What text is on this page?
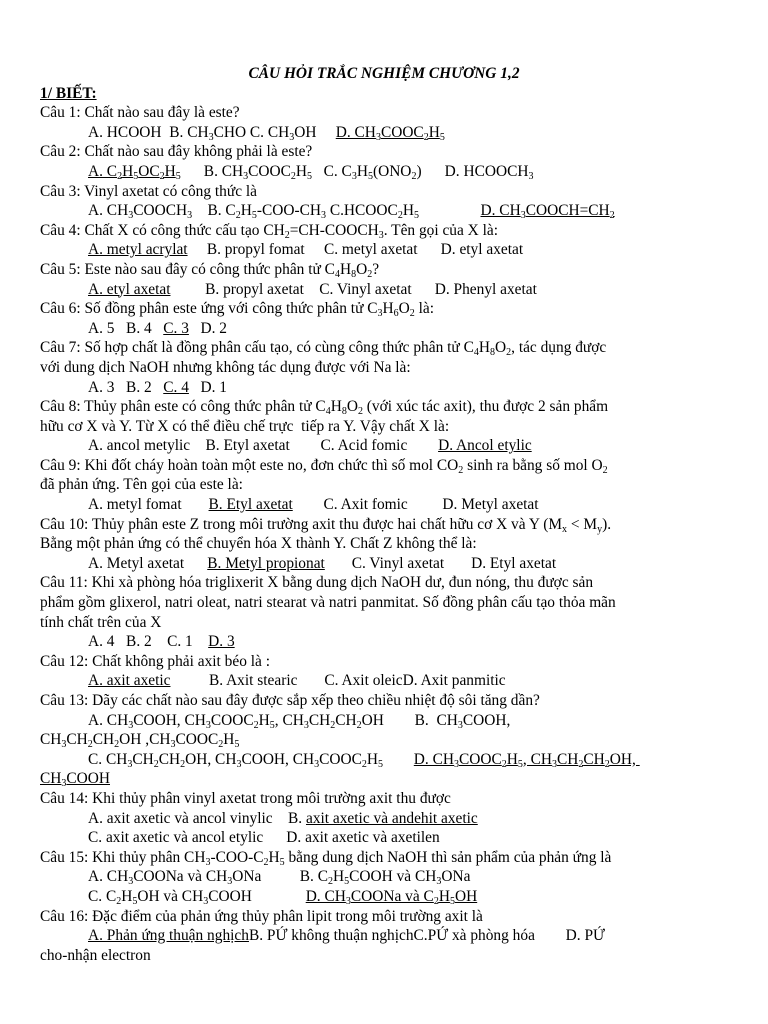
CÂU HỎI TRẮC NGHIỆM CHƯƠNG 1,2
1/ BIẾT:
Câu 1: Chất nào sau đây là este?
A. HCOOH  B. $CH_3CHO$ C. $CH_3OH$     D. $CH_3COOC_2H_5$
Câu 2: Chất nào sau đây không phải là este?
A. $C_2H_5OC_2H_5$      B. $CH_3COOC_2H_5$   C. $C_3H_5(ONO_2)$      D. $HCOOCH_3$
Câu 3: Vinyl axetat có công thức là
A. $CH_3COOCH_3$    B. $C_2H_5-COO-CH_3$ $C.HCOOC_2H_5$	D. $CH_3COOCH=CH_2$
Câu 4: Chất X có công thức cấu tạo $CH_2=CH-COOCH_3$. Tên gọi của X là:
A. metyl acrylat     B. propyl fomat     C. metyl axetat      D. etyl axetat
Câu 5: Este nào sau đây có công thức phân tử $C_4H_8O_2$?
A. etyl axetat         B. propyl axetat    C. Vinyl axetat      D. Phenyl axetat
Câu 6: Số đồng phân este ứng với công thức phân tử $C_3H_6O_2$ là:
A. 5   B. 4   C. 3   D. 2
Câu 7: Số hợp chất là đồng phân cấu tạo, có cùng công thức phân tử $C_4H_8O_2$, tác dụng được
với dung dịch NaOH nhưng không tác dụng được với Na là:
A. 3   B. 2   C. 4   D. 1
Câu 8: Thủy phân este có công thức phân tử $C_4H_8O_2$ (với xúc tác axit), thu được 2 sản phẩm
hữu cơ X và Y. Từ X có thể điều chế trực  tiếp ra Y. Vậy chất X là:
A. ancol metylic    B. Etyl axetat        C. Acid fomic        D. Ancol etylic
Câu 9: Khi đốt cháy hoàn toàn một este no, đơn chức thì số mol $CO_2$ sinh ra bằng số mol $O_2$
đã phản ứng. Tên gọi của este là:
A. metyl fomat       B. Etyl axetat        C. Axit fomic         D. Metyl axetat
Câu 10: Thủy phân este Z trong môi trường axit thu được hai chất hữu cơ X và Y $(M_x < M_y)$.
Bằng một phản ứng có thể chuyển hóa X thành Y. Chất Z không thể là:
A. Metyl axetat      B. Metyl propionat       C. Vinyl axetat       D. Etyl axetat
Câu 11: Khi xà phòng hóa triglixerit X bằng dung dịch NaOH dư, đun nóng, thu được sản
phẩm gồm glixerol, natri oleat, natri stearat và natri panmitat. Số đồng phân cấu tạo thỏa mãn
tính chất trên của X
A. 4   B. 2    C. 1    D. 3
Câu 12: Chất không phải axit béo là :
A. axit axetic          B. Axit stearic       C. Axit oleicD. Axit panmitic
Câu 13: Dãy các chất nào sau đây được sắp xếp theo chiều nhiệt độ sôi tăng dần?
A. $CH_3COOH$, $CH_3COOC_2H_5$, $CH_3CH_2CH_2OH$        B.  $CH_3COOH$,
$CH_3CH_2CH_2OH$ $,CH_3COOC_2H_5$
C. $CH_3CH_2CH_2OH$, $CH_3COOH$, $CH_3COOC_2H_5$ D. $CH_3COOC_2H_5$, $CH_3CH_2CH_2OH$,
$CH_3COOH$
Câu 14: Khi thủy phân vinyl axetat trong môi trường axit thu được
A. axit axetic và ancol vinylic    B. axit axetic và andehit axetic
C. axit axetic và ancol etylic      D. axit axetic và axetilen
Câu 15: Khi thủy phân $CH_3-COO-C_2H_5$ bằng dung dịch NaOH thì sản phẩm của phản ứng là
A. $CH_3COONa$ và $CH_3ONa$          B. $C_2H_5COOH$ và $CH_3ONa$
C. $C_2H_5OH$ và $CH_3COOH$              D. $CH_3COONa$ và $C_2H_5OH$
Câu 16: Đặc điểm của phản ứng thủy phân lipit trong môi trường axit là
A. Phản ứng thuận nghịchB. PỨ không thuận nghịchC.PỨ xà phòng hóa        D. PỨ
cho-nhận electron
